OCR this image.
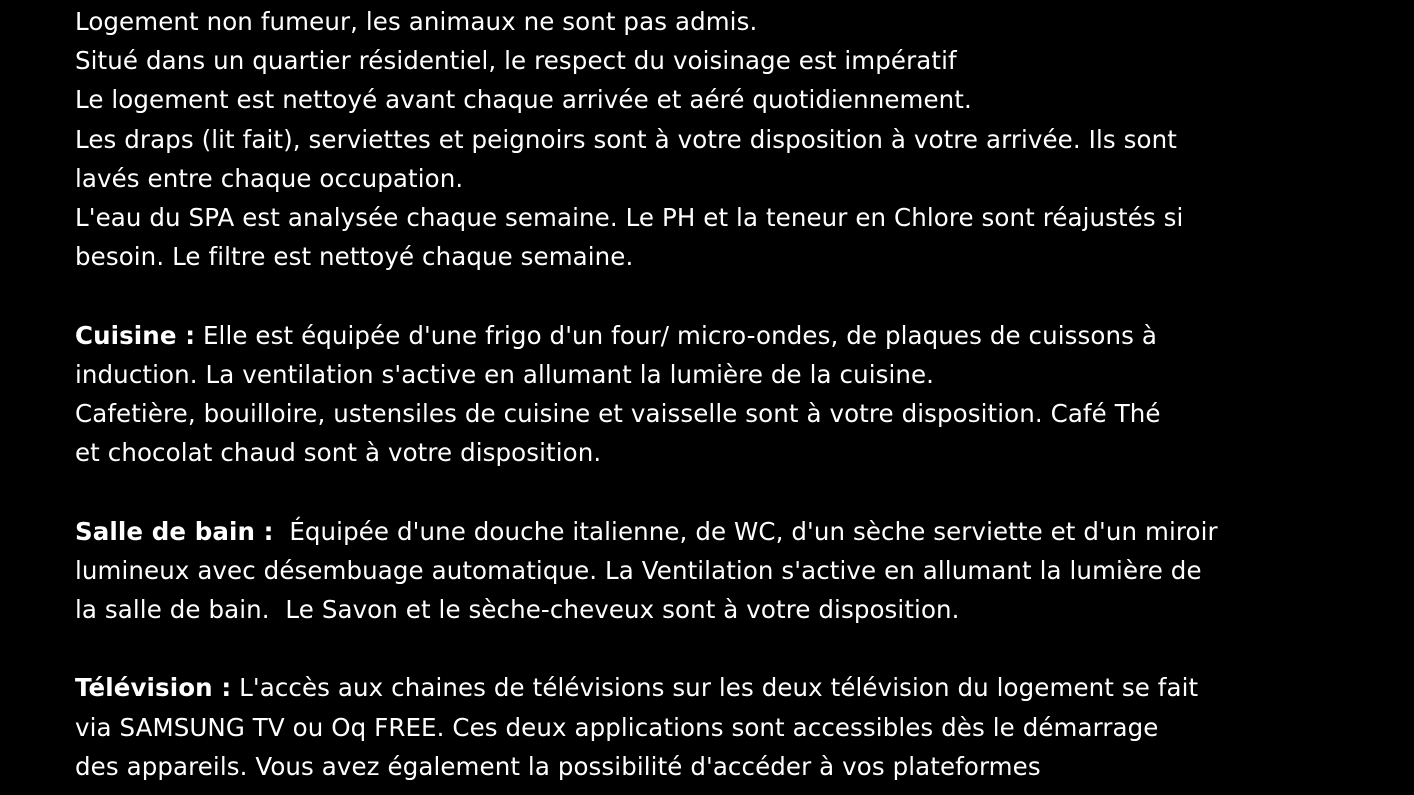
Logement non fumeur, les animaux ne sont pas admis.
Situé dans un quartier résidentiel, le respect du voisinage est impératif
Le logement est nettoyé avant chaque arrivée et aéré quotidiennement.
Les draps (lit fait), serviettes et peignoirs sont à votre disposition à votre arrivée. Ils sont
lavés entre chaque occupation.
L'eau du SPA est analysée chaque semaine. Le PH et la teneur en Chlore sont réajustés si
besoin. Le filtre est nettoyé chaque semaine.
Cuisine : Elle est équipée d'une frigo d'un four/ micro-ondes, de plaques de cuissons à
induction. La ventilation s'active en allumant la lumière de la cuisine.
Cafetière, bouilloire, ustensiles de cuisine et vaisselle sont à votre disposition. Café Thé
et chocolat chaud sont à votre disposition.
Salle de bain :  Équipée d'une douche italienne, de WC, d'un sèche serviette et d'un miroir
lumineux avec désembuage automatique. La Ventilation s'active en allumant la lumière de
la salle de bain.  Le Savon et le sèche-cheveux sont à votre disposition.
Télévision : L'accès aux chaines de télévisions sur les deux télévision du logement se fait
via SAMSUNG TV ou Oq FREE. Ces deux applications sont accessibles dès le démarrage
des appareils. Vous avez également la possibilité d'accéder à vos plateformes
